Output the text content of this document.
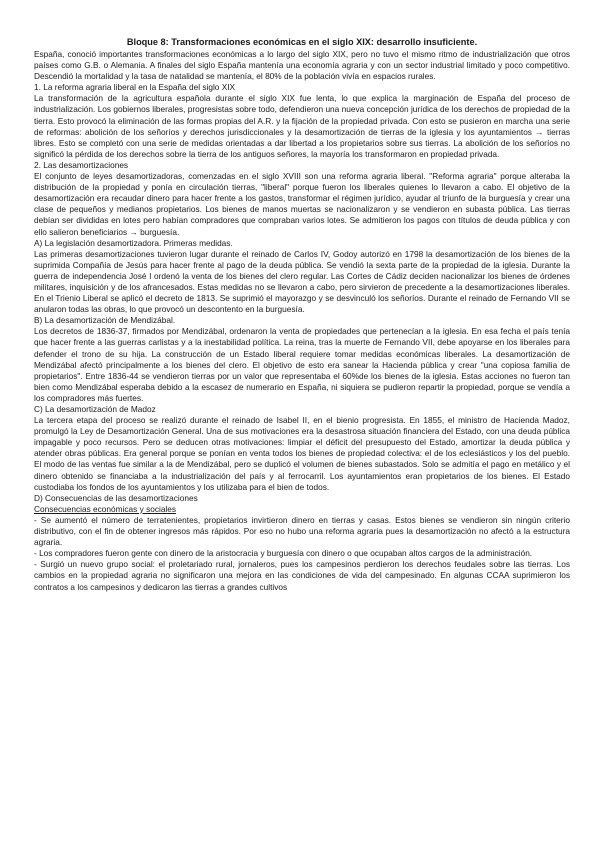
Bloque 8: Transformaciones económicas en el siglo XIX: desarrollo insuficiente.

España, conoció importantes transformaciones económicas a lo largo del siglo XIX, pero no tuvo el mismo ritmo de industrialización que otros países como G.B. o Alemania. A finales del siglo España mantenía una economía agraria y con un sector industrial limitado y poco competitivo. Descendió la mortalidad y la tasa de natalidad se mantenía, el 80% de la población vivía en espacios rurales.

1. La reforma agraria liberal en la España del siglo XIX

La transformación de la agricultura española durante el siglo XIX fue lenta, lo que explica la marginación de España del proceso de industrialización. Los gobiernos liberales, progresistas sobre todo, defendieron una nueva concepción jurídica de los derechos de propiedad de la tierra. Esto provocó la eliminación de las formas propias del A.R. y la fijación de la propiedad privada. Con esto se pusieron en marcha una serie de reformas: abolición de los señoríos y derechos jurisdiccionales y la desamortización de tierras de la iglesia y los ayuntamientos → tierras libres. Esto se completó con una serie de medidas orientadas a dar libertad a los propietarios sobre sus tierras. La abolición de los señoríos no significó la pérdida de los derechos sobre la tierra de los antiguos señores, la mayoría los transformaron en propiedad privada.

2. Las desamortizaciones

El conjunto de leyes desamortizadoras, comenzadas en el siglo XVIII son una reforma agraria liberal. "Reforma agraria" porque alteraba la distribución de la propiedad y ponía en circulación tierras, "liberal" porque fueron los liberales quienes lo llevaron a cabo. El objetivo de la desamortización era recaudar dinero para hacer frente a los gastos, transformar el régimen jurídico, ayudar al triunfo de la burguesía y crear una clase de pequeños y medianos propietarios. Los bienes de manos muertas se nacionalizaron y se vendieron en subasta pública. Las tierras debían ser divididas en lotes pero habían compradores que compraban varios lotes. Se admitieron los pagos con títulos de deuda pública y con ello salieron beneficiarios → burguesía.

A) La legislación desamortizadora. Primeras medidas.

Las primeras desamortizaciones tuvieron lugar durante el reinado de Carlos IV, Godoy autorizó en 1798 la desamortización de los bienes de la suprimida Compañía de Jesús para hacer frente al pago de la deuda pública. Se vendió la sexta parte de la propiedad de la iglesia. Durante la guerra de independencia José I ordenó la venta de los bienes del clero regular. Las Cortes de Cádiz deciden nacionalizar los bienes de órdenes militares, inquisición y de los afrancesados. Estas medidas no se llevaron a cabo, pero sirvieron de precedente a la desamortizaciones liberales. En el Trienio Liberal se aplicó el decreto de 1813. Se suprimió el mayorazgo y se desvinculó los señoríos. Durante el reinado de Fernando VII se anularon todas las obras, lo que provocó un descontento en la burguesía.

B) La desamortización de Mendizábal.

Los decretos de 1836-37, firmados por Mendizábal, ordenaron la venta de propiedades que pertenecían a la iglesia. En esa fecha el país tenía que hacer frente a las guerras carlistas y a la inestabilidad política. La reina, tras la muerte de Fernando VII, debe apoyarse en los liberales para defender el trono de su hija. La construcción de un Estado liberal requiere tomar medidas económicas liberales. La desamortización de Mendizábal afectó principalmente a los bienes del clero. El objetivo de esto era sanear la Hacienda pública y crear "una copiosa familia de propietarios". Entre 1836-44 se vendieron tierras por un valor que representaba el 60%de los bienes de la iglesia. Estas acciones no fueron tan bien como Mendizábal esperaba debido a la escasez de numerario en España, ni siquiera se pudieron repartir la propiedad, porque se vendía a los compradores más fuertes.

C) La desamortización de Madoz

La tercera etapa del proceso se realizó durante el reinado de Isabel II, en el bienio progresista. En 1855, el ministro de Hacienda Madoz, promulgó la Ley de Desamortización General. Una de sus motivaciones era la desastrosa situación financiera del Estado, con una deuda pública impagable y poco recursos. Pero se deducen otras motivaciones: limpiar el déficit del presupuesto del Estado, amortizar la deuda pública y atender obras públicas. Era general porque se ponían en venta todos los bienes de propiedad colectiva: el de los eclesiásticos y los del pueblo. El modo de las ventas fue similar a la de Mendizábal, pero se duplicó el volumen de bienes subastados. Solo se admitía el pago en metálico y el dinero obtenido se financiaba a la industrialización del país y al ferrocarril. Los ayuntamientos eran propietarios de los bienes. El Estado custodiaba los fondos de los ayuntamientos y los utilizaba para el bien de todos.

D) Consecuencias de las desamortizaciones
Consecuencias económicas y sociales

- Se aumentó el número de terratenientes, propietarios invirtieron dinero en tierras y casas. Estos bienes se vendieron sin ningún criterio distributivo, con el fin de obtener ingresos más rápidos. Por eso no hubo una reforma agraria pues la desamortización no afectó a la estructura agraria.

- Los compradores fueron gente con dinero de la aristocracia y burguesía con dinero o que ocupaban altos cargos de la administración.

- Surgió un nuevo grupo social: el proletariado rural, jornaleros, pues los campesinos perdieron los derechos feudales sobre las tierras. Los cambios en la propiedad agraria no significaron una mejora en las condiciones de vida del campesinado. En algunas CCAA suprimieron los contratos a los campesinos y dedicaron las tierras a grandes cultivos
